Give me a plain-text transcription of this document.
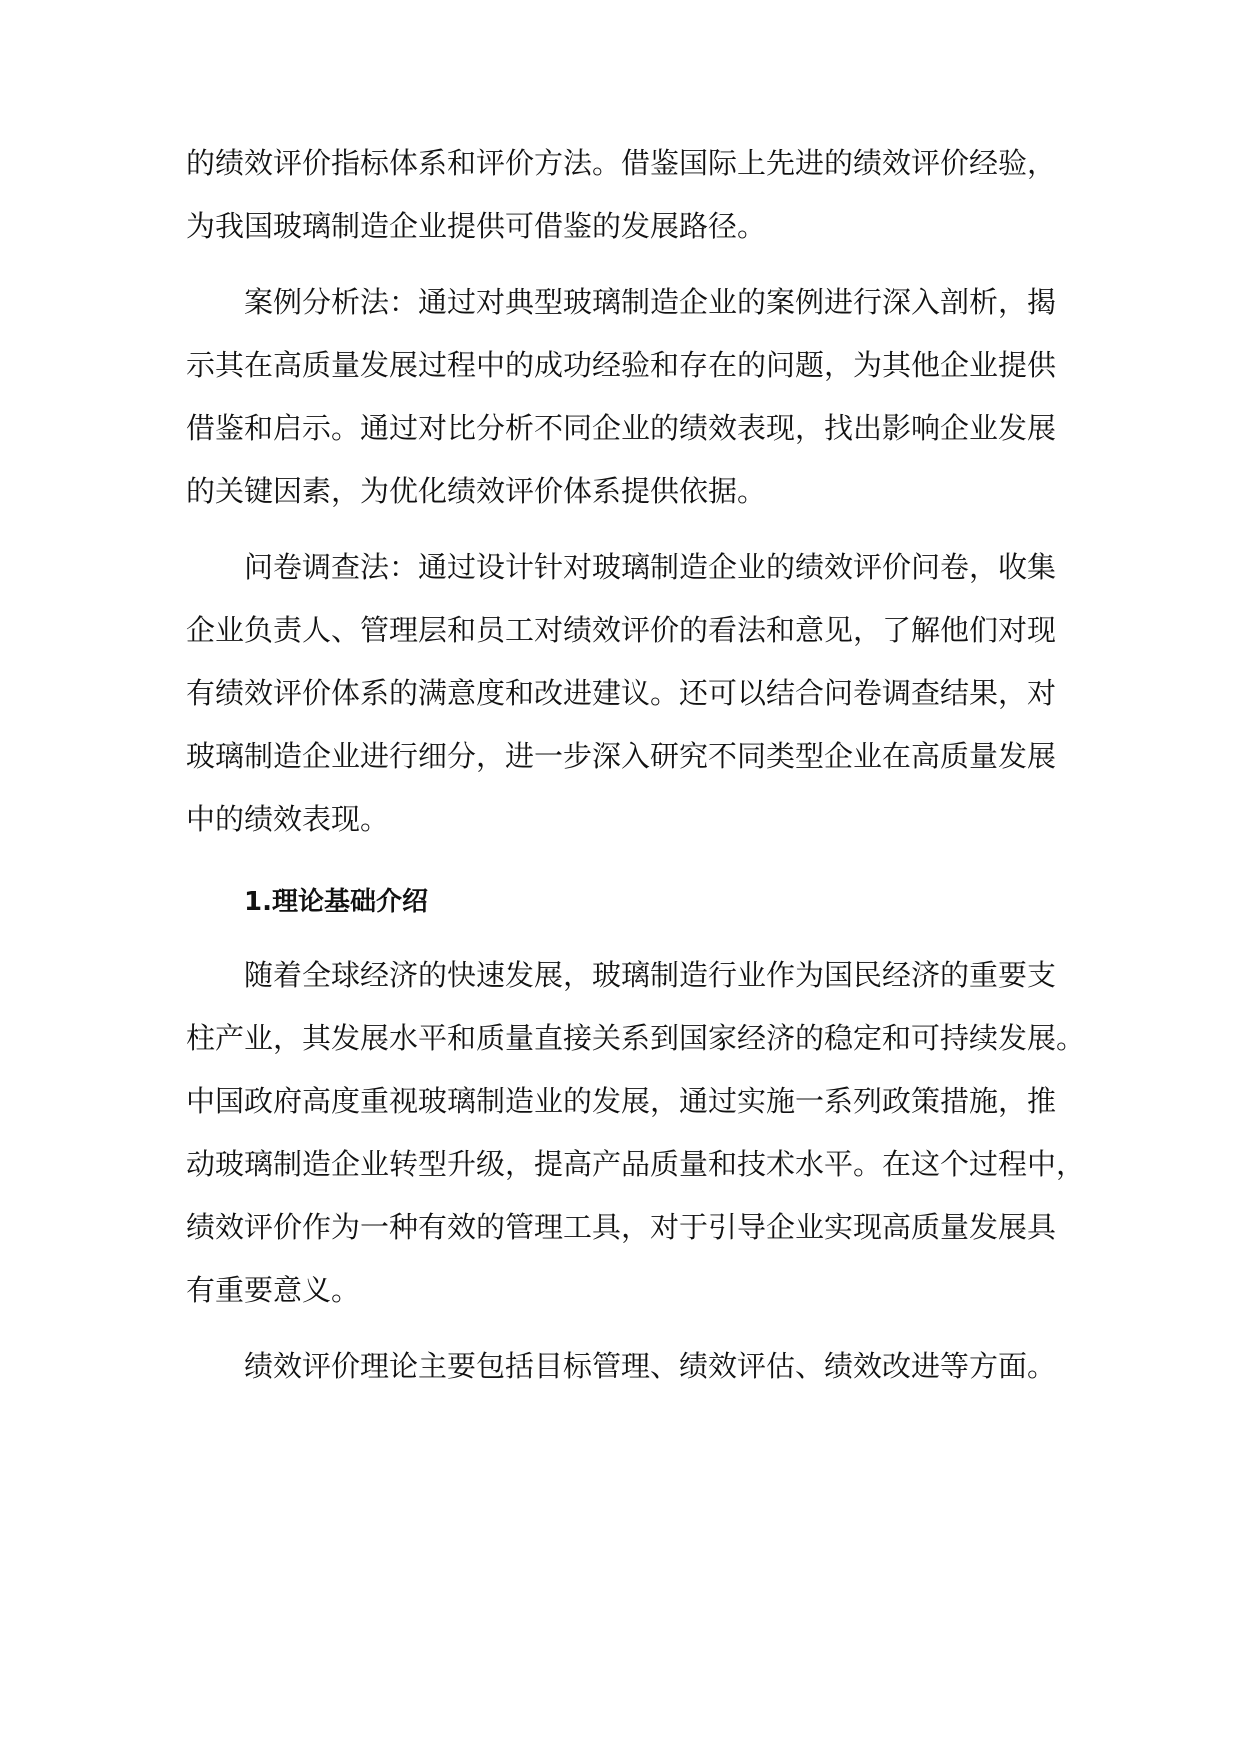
的绩效评价指标体系和评价方法。借鉴国际上先进的绩效评价经验，
为我国玻璃制造企业提供可借鉴的发展路径。
案例分析法：通过对典型玻璃制造企业的案例进行深入剖析，揭
示其在高质量发展过程中的成功经验和存在的问题，为其他企业提供
借鉴和启示。通过对比分析不同企业的绩效表现，找出影响企业发展
的关键因素，为优化绩效评价体系提供依据。
问卷调查法：通过设计针对玻璃制造企业的绩效评价问卷，收集
企业负责人、管理层和员工对绩效评价的看法和意见，了解他们对现
有绩效评价体系的满意度和改进建议。还可以结合问卷调查结果，对
玻璃制造企业进行细分，进一步深入研究不同类型企业在高质量发展
中的绩效表现。
1.理论基础介绍
随着全球经济的快速发展，玻璃制造行业作为国民经济的重要支
柱产业，其发展水平和质量直接关系到国家经济的稳定和可持续发展。
中国政府高度重视玻璃制造业的发展，通过实施一系列政策措施，推
动玻璃制造企业转型升级，提高产品质量和技术水平。在这个过程中，
绩效评价作为一种有效的管理工具，对于引导企业实现高质量发展具
有重要意义。
绩效评价理论主要包括目标管理、绩效评估、绩效改进等方面。
